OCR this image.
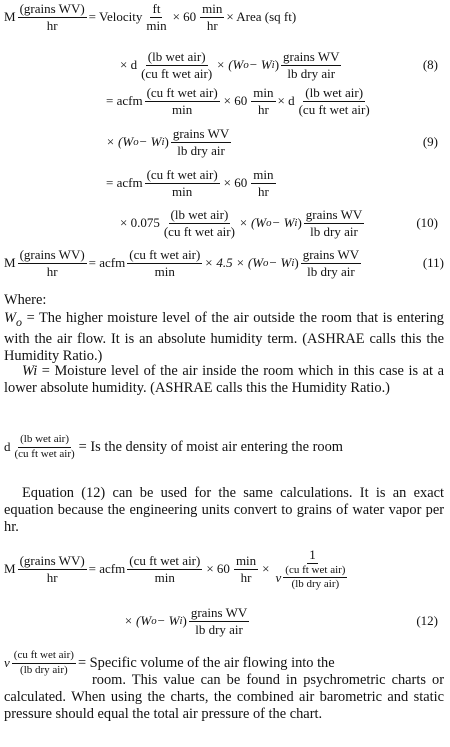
M $\frac{\text{(grains WV)}}{hr}$ = Velocity $\frac{ft}{\min} \times 60 \frac{\min}{hr}$ × Area (sq ft)
× d $\frac{\text{(lb wet air)}}{\text{(cu ft wet air)}} \times (W$ o − W i ) $\frac{\text{grains WV}}{\text{lb dry air}}$	(8)
= acfm $\frac{\text{(cu ft wet air)}}{\min} \times 60 \frac{\min}{hr} \times d \frac{\text{(lb wet air)}}{\text{(cu ft wet air)}}$
× (W o − W i ) $\frac{\text{grains WV}}{\text{lb dry air}}$	(9)
= acfm $\frac{\text{(cu ft wet air)}}{\min} \times 60 \frac{\min}{hr}$
× $0.075 \frac{\text{(lb wet air)}}{\text{(cu ft wet air)}} \times (W$ o − W i ) $\frac{\text{grains WV}}{\text{lb dry air}}$	(10)
M $\frac{\text{(grains WV)}}{hr}$ = acfm $\frac{\text{(cu ft wet air)}}{\min} \times 4.5 \times (W$ o − W i ) $\frac{\text{grains WV}}{\text{lb dry air}}$	(11)
Where:
$W_o$ = The higher moisture level of the air outside the room that is entering with the air flow. It is an absolute humidity term. (ASHRAE calls this the Humidity Ratio.)
Wi = Moisture level of the air inside the room which in this case is at a lower absolute humidity. (ASHRAE calls this the Humidity Ratio.)
d $\frac{\text{(lb wet air)}}{\text{(cu ft wet air)}} = Is$ the density of moist air entering the room
Equation (12) can be used for the same calculations. It is an exact equation because the engineering units convert to grains of water vapor per hr.
M $\frac{\text{(grains WV)}}{hr}$ = acfm $\frac{\text{(cu ft wet air)}}{\min} \times 60 \frac{\min}{hr} \times \frac{1}{v \frac{\text{(cu ft wet air)}}{\text{(lb dry air)}}}$
× (W o − W i ) $\frac{\text{grains WV}}{\text{lb dry air}}$	(12)
v $\frac{\text{(cu ft wet air)}}{\text{(lb dry air)}}$ = Specific volume of the air flowing into the
room. This value can be found in psychrometric charts or calculated. When using the charts, the combined air barometric and static pressure should equal the total air pressure of the chart.
